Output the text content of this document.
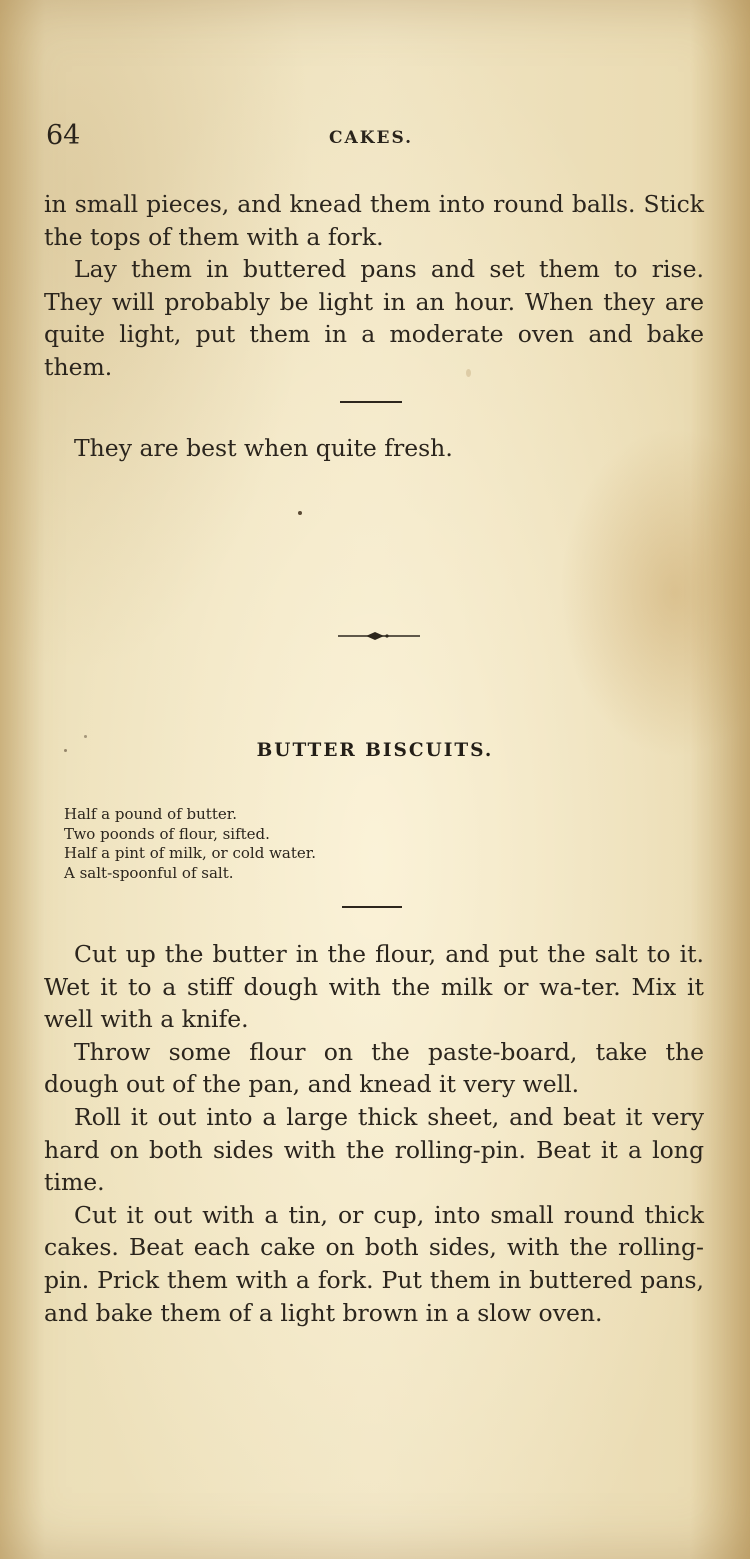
64	CAKES.

in small pieces, and knead them into round balls. Stick the tops of them with a fork.

Lay them in buttered pans and set them to rise. They will probably be light in an hour. When they are quite light, put them in a moderate oven and bake them.

They are best when quite fresh.

BUTTER BISCUITS.
Half a pound of butter.
Two poonds of flour, sifted.
Half a pint of milk, or cold water.
A salt-spoonful of salt.

Cut up the butter in the flour, and put the salt to it. Wet it to a stiff dough with the milk or wa-ter. Mix it well with a knife.

Throw some flour on the paste-board, take the dough out of the pan, and knead it very well.

Roll it out into a large thick sheet, and beat it very hard on both sides with the rolling-pin. Beat it a long time.

Cut it out with a tin, or cup, into small round thick cakes. Beat each cake on both sides, with the rolling-pin. Prick them with a fork. Put them in buttered pans, and bake them of a light brown in a slow oven.
